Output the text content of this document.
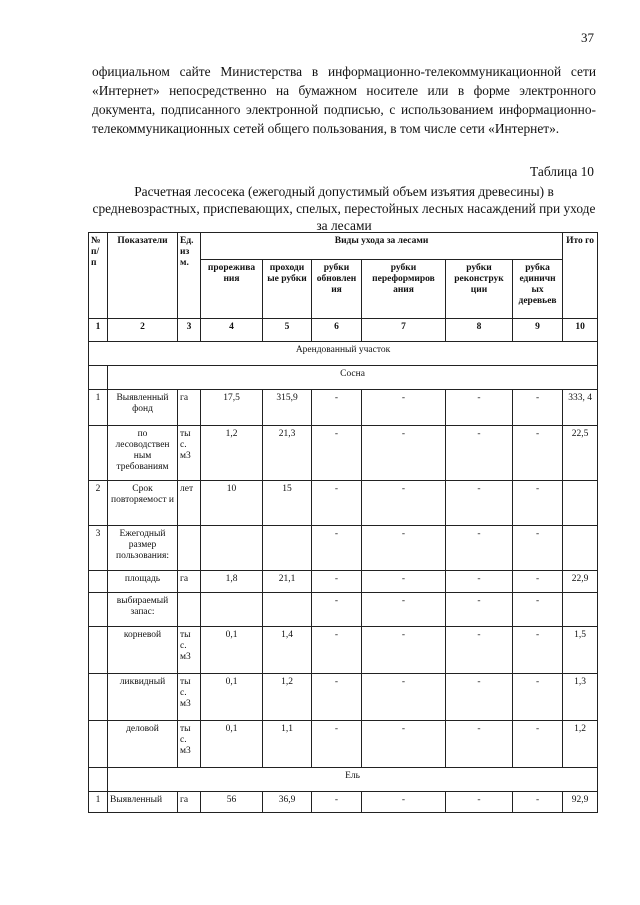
37

официальном сайте Министерства в информационно-телекоммуникационной сети «Интернет» непосредственно на бумажном носителе или в форме электронного документа, подписанного электронной подписью, с использованием информационно-телекоммуникационных сетей общего пользования, в том числе сети «Интернет».

Таблица 10

Расчетная лесосека (ежегодный допустимый объем изъятия древесины) в средневозрастных, приспевающих, спелых, перестойных лесных насаждений при уходе за лесами

№ п/ п	Показатели	Ед. из м.	Виды ухода за лесами						Ито го
			прорежива ния	проходи ые рубки	рубки обновлен ия	рубки переформиров ания	рубки реконструк ции	рубка единичн ых деревьев	
1	2	3	4	5	6	7	8	9	10
Арендованный участок									
	Сосна								
1	Выявленный фонд	га	17,5	315,9	-	-	-	-	333, 4
	по лесоводствен ным требованиям	ты с. м3	1,2	21,3	-	-	-	-	22,5
2	Срок повторяемост и	лет	10	15	-	-	-	-	
3	Ежегодный размер пользования:				-	-	-	-	
	площадь	га	1,8	21,1	-	-	-	-	22,9
	выбираемый запас:				-	-	-	-	
	корневой	ты с. м3	0,1	1,4	-	-	-	-	1,5
	ликвидный	ты с. м3	0,1	1,2	-	-	-	-	1,3
	деловой	ты с. м3	0,1	1,1	-	-	-	-	1,2
	Ель								
1	Выявленный	га	56	36,9	-	-	-	-	92,9
